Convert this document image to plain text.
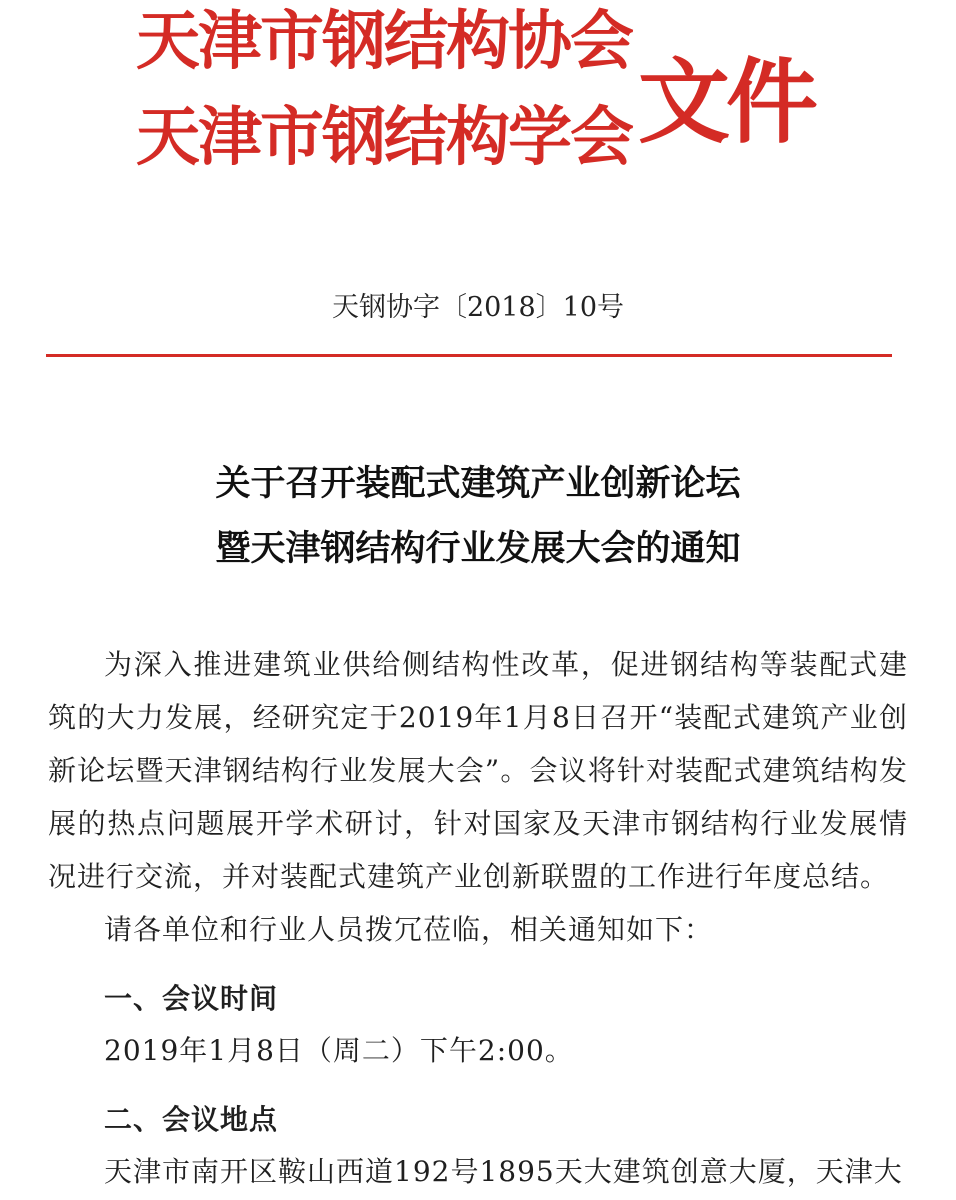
天津市钢结构协会
天津市钢结构学会 文件
天钢协字〔2018〕10号
关于召开装配式建筑产业创新论坛
暨天津钢结构行业发展大会的通知

为深入推进建筑业供给侧结构性改革，促进钢结构等装配式建筑的大力发展，经研究定于2019年1月8日召开“装配式建筑产业创新论坛暨天津钢结构行业发展大会”。会议将针对装配式建筑结构发展的热点问题展开学术研讨，针对国家及天津市钢结构行业发展情况进行交流，并对装配式建筑产业创新联盟的工作进行年度总结。

请各单位和行业人员拨冗莅临，相关通知如下：

一、会议时间

2019年1月8日（周二）下午2:00。

二、会议地点

天津市南开区鞍山西道192号1895天大建筑创意大厦，天津大
